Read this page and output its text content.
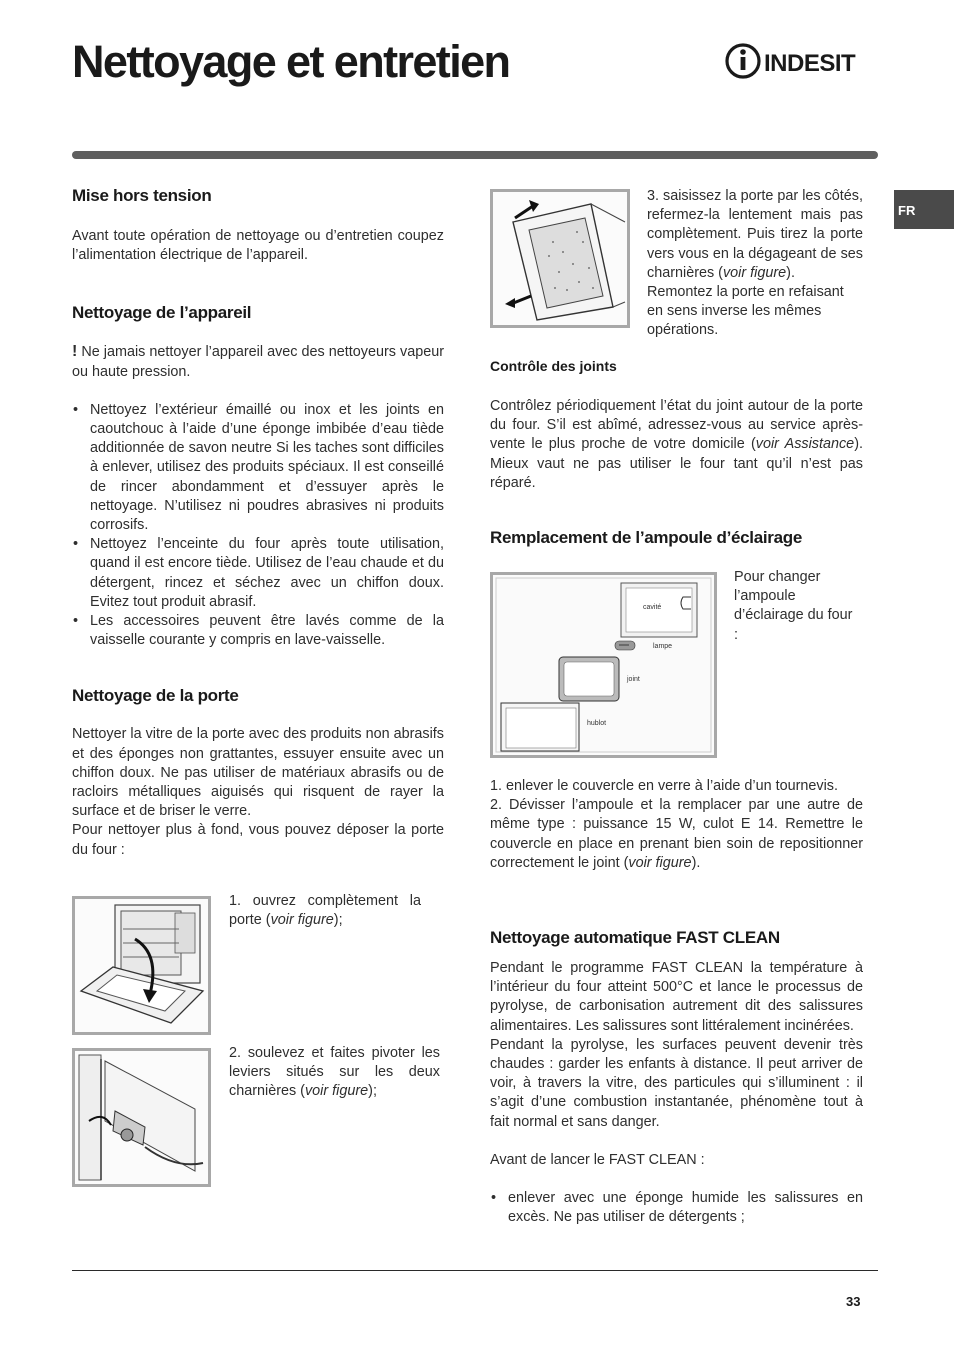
Nettoyage et entretien	INDESIT
FR
Mise hors tension

Avant toute opération de nettoyage ou d’entretien coupez l’alimentation électrique de l’appareil.

Nettoyage de l’appareil

! Ne jamais nettoyer l’appareil avec des nettoyeurs vapeur ou haute pression.

• Nettoyez l’extérieur émaillé ou inox et les joints en caoutchouc à l’aide d’une éponge imbibée d’eau tiède additionnée de savon neutre Si les taches sont difficiles à enlever, utilisez des produits spéciaux. Il est conseillé de rincer abondamment et d’essuyer après le nettoyage. N’utilisez ni poudres abrasives ni produits corrosifs.
• Nettoyez l’enceinte du four après toute utilisation, quand il est encore tiède. Utilisez de l’eau chaude et du détergent, rincez et séchez avec un chiffon doux. Evitez tout produit abrasif.
• Les accessoires peuvent être lavés comme de la vaisselle courante y compris en lave-vaisselle.
Nettoyage de la porte

Nettoyer la vitre de la porte avec des produits non abrasifs et des éponges non grattantes, essuyer ensuite avec un chiffon doux. Ne pas utiliser de matériaux abrasifs ou de racloirs métalliques aiguisés qui risquent de rayer la surface et de briser le verre.

Pour nettoyer plus à fond, vous pouvez déposer la porte du four :

1. ouvrez complètement la porte (voir figure);

2. soulevez et faites pivoter les leviers situés sur les deux charnières (voir figure);

3. saisissez la porte par les côtés, refermez-la lentement mais pas complètement. Puis tirez la porte vers vous en la dégageant de ses charnières (voir figure).

Remontez la porte en refaisant en sens inverse les mêmes opérations.

Contrôle des joints

Contrôlez périodiquement l’état du joint autour de la porte du four. S’il est abîmé, adressez-vous au service après-vente le plus proche de votre domicile (voir Assistance). Mieux vaut ne pas utiliser le four tant qu’il n’est pas réparé.

Remplacement de l’ampoule d’éclairage
cavité
lampe
joint
hublot

Pour changer l’ampoule d’éclairage du four :

1. enlever le couvercle en verre à l’aide d’un tournevis.

2. Dévisser l’ampoule et la remplacer par une autre de même type : puissance 15 W, culot E 14. Remettre le couvercle en place en prenant bien soin de repositionner correctement le joint (voir figure).

Nettoyage automatique FAST CLEAN

Pendant le programme FAST CLEAN la température à l’intérieur du four atteint 500°C et lance le processus de pyrolyse, de carbonisation autrement dit des salissures alimentaires. Les salissures sont littéralement incinérées.

Pendant la pyrolyse, les surfaces peuvent devenir très chaudes : garder les enfants à distance. Il peut arriver de voir, à travers la vitre, des particules qui s’illuminent : il s’agit d’une combustion instantanée, phénomène tout à fait normal et sans danger.

Avant de lancer le FAST CLEAN :

• enlever avec une éponge humide les salissures en excès. Ne pas utiliser de détergents ;
33
